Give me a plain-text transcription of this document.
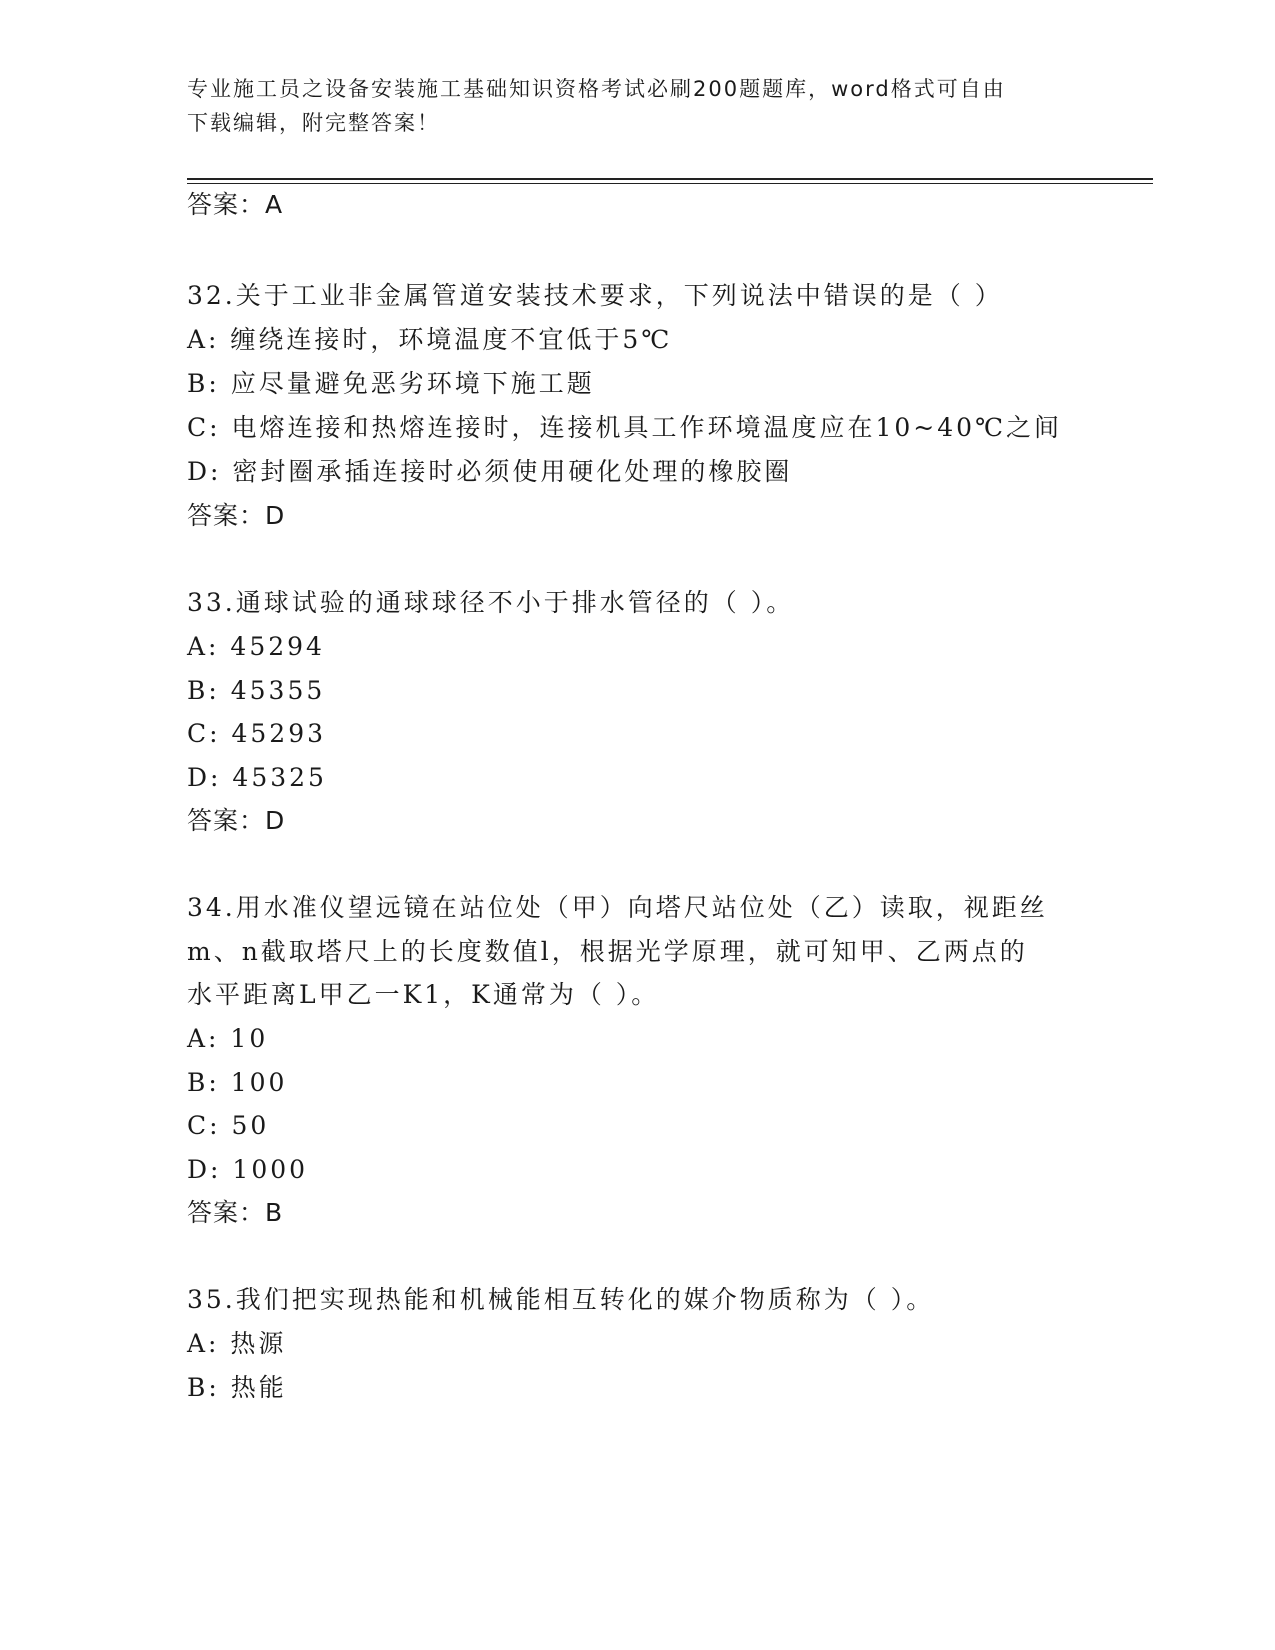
专业施工员之设备安装施工基础知识资格考试必刷200题题库，word格式可自由
下载编辑，附完整答案！
答案：A
32.关于工业非金属管道安装技术要求，下列说法中错误的是（ ）
A: 缠绕连接时，环境温度不宜低于5℃
B: 应尽量避免恶劣环境下施工题
C: 电熔连接和热熔连接时，连接机具工作环境温度应在10~40℃之间
D: 密封圈承插连接时必须使用硬化处理的橡胶圈
答案：D
33.通球试验的通球球径不小于排水管径的（ ）。
A: 45294
B: 45355
C: 45293
D: 45325
答案：D
34.用水准仪望远镜在站位处（甲）向塔尺站位处（乙）读取，视距丝
m、n截取塔尺上的长度数值l，根据光学原理，就可知甲、乙两点的
水平距离L甲乙一K1，K通常为（ ）。
A: 10
B: 100
C: 50
D: 1000
答案：B
35.我们把实现热能和机械能相互转化的媒介物质称为（ ）。
A: 热源
B: 热能
